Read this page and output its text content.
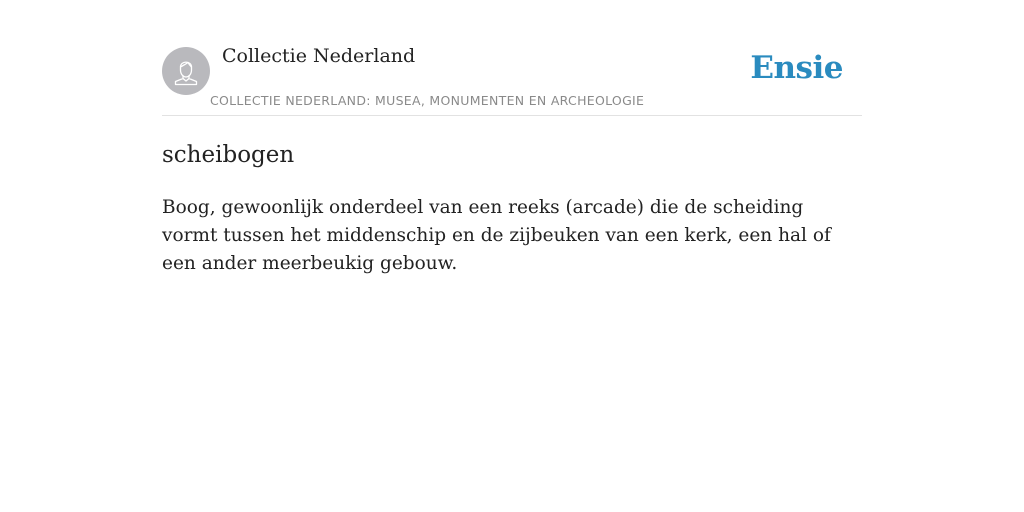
Collectie Nederland
COLLECTIE NEDERLAND: MUSEA, MONUMENTEN EN ARCHEOLOGIE
Ensie
scheibogen

Boog, gewoonlijk onderdeel van een reeks (arcade) die de scheiding vormt tussen het middenschip en de zijbeuken van een kerk, een hal of een ander meerbeukig gebouw.
